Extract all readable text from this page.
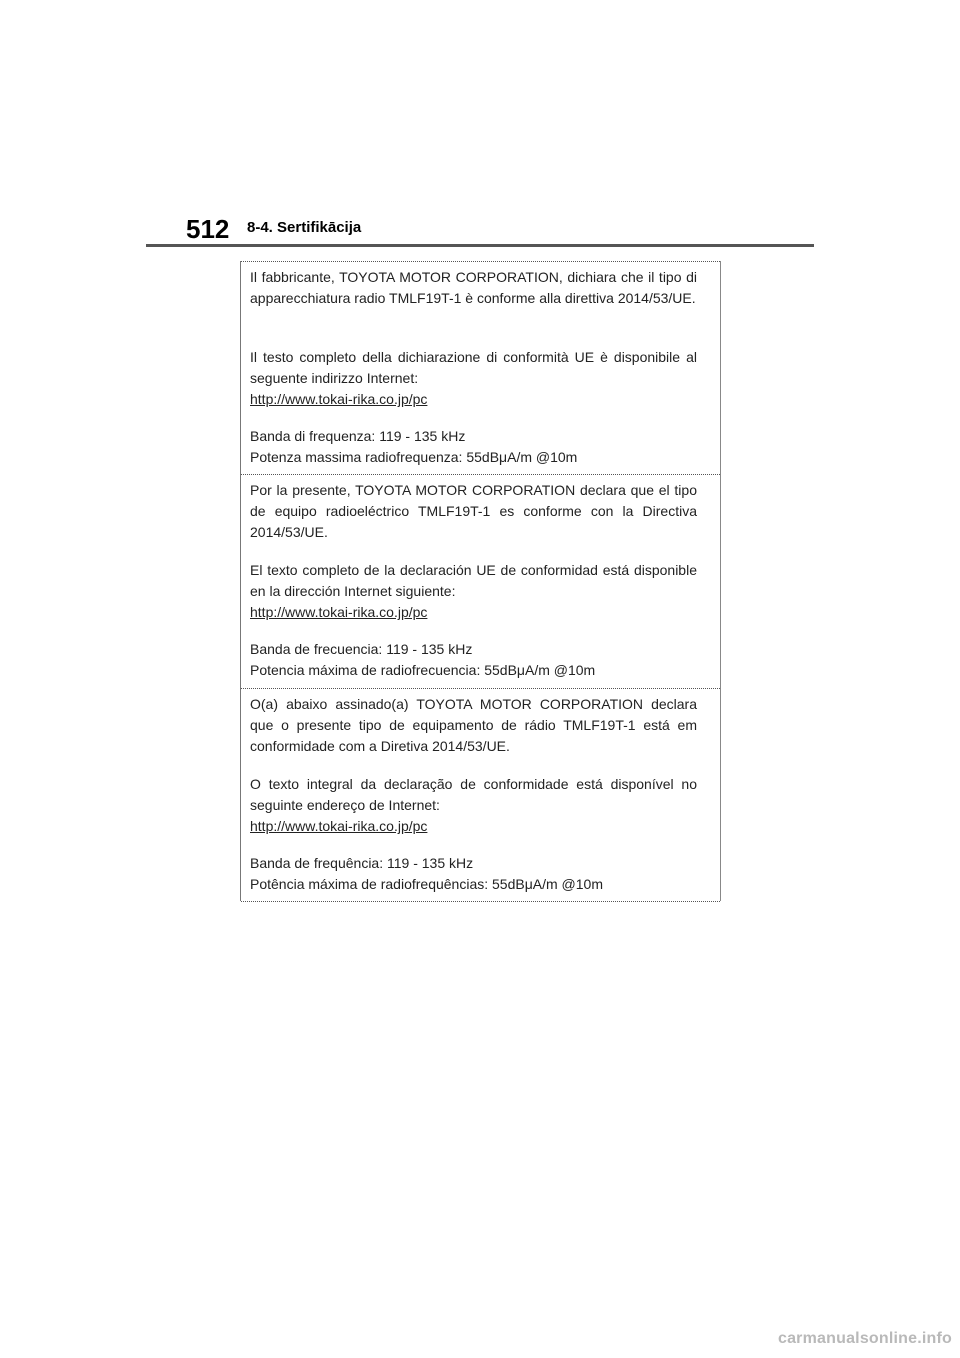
512 8-4. Sertifikācija

Il fabbricante, TOYOTA MOTOR CORPORATION, dichiara che il tipo di apparecchiatura radio TMLF19T-1 è conforme alla direttiva 2014/53/UE.

Il testo completo della dichiarazione di conformità UE è disponibile al seguente indirizzo Internet:
http://www.tokai-rika.co.jp/pc

Banda di frequenza: 119 - 135 kHz
Potenza massima radiofrequenza: 55dBμA/m @10m

Por la presente, TOYOTA MOTOR CORPORATION declara que el tipo de equipo radioeléctrico TMLF19T-1 es conforme con la Directiva 2014/53/UE.

El texto completo de la declaración UE de conformidad está disponible en la dirección Internet siguiente:
http://www.tokai-rika.co.jp/pc

Banda de frecuencia: 119 - 135 kHz
Potencia máxima de radiofrecuencia: 55dBμA/m @10m

O(a) abaixo assinado(a) TOYOTA MOTOR CORPORATION declara que o presente tipo de equipamento de rádio TMLF19T-1 está em conformidade com a Diretiva 2014/53/UE.

O texto integral da declaração de conformidade está disponível no seguinte endereço de Internet:
http://www.tokai-rika.co.jp/pc

Banda de frequência: 119 - 135 kHz
Potência máxima de radiofrequências: 55dBμA/m @10m

carmanualsonline.info
